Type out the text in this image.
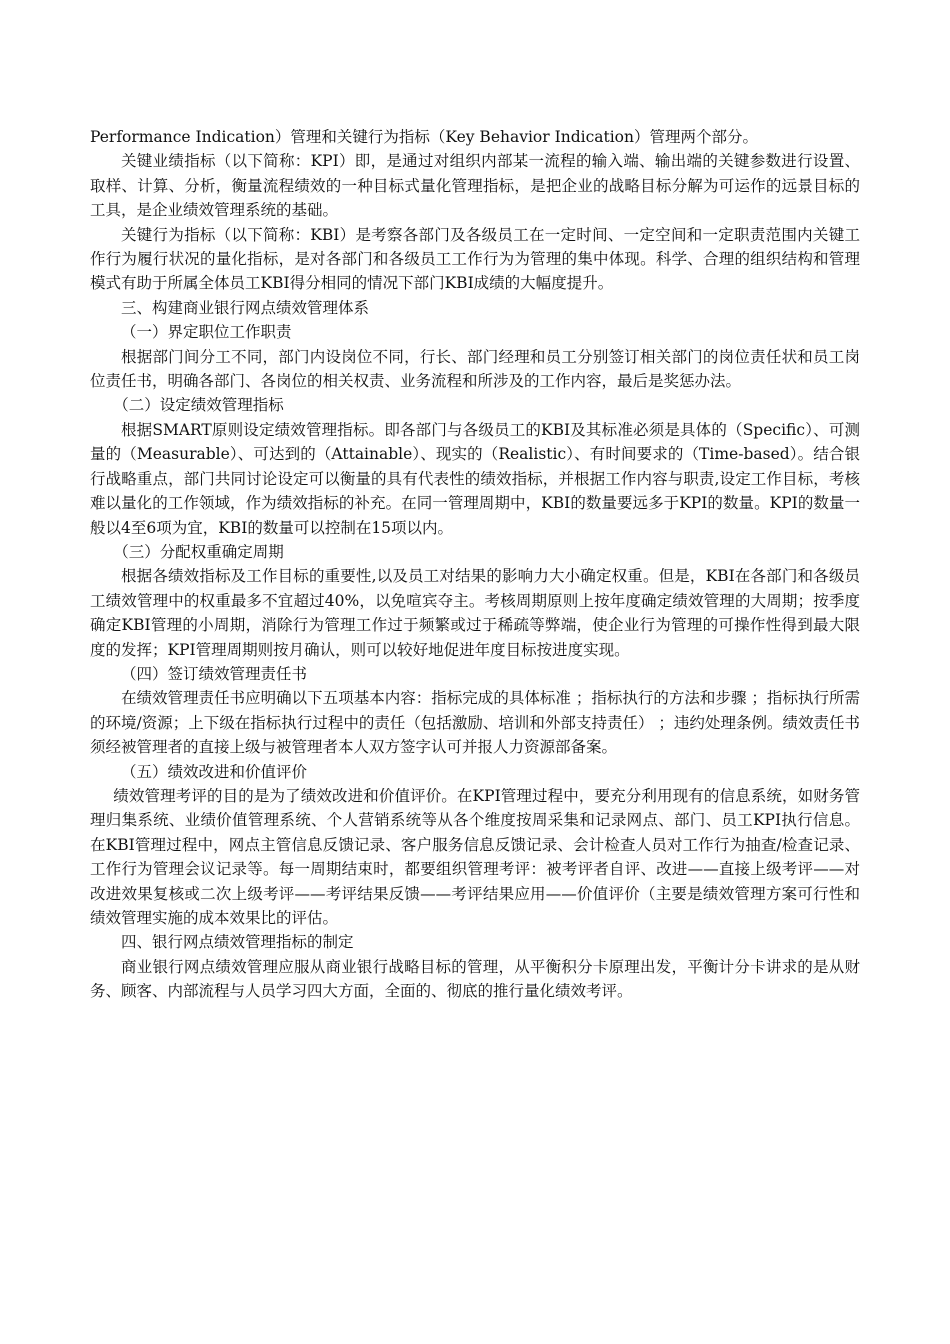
Performance Indication）管理和关键行为指标（Key Behavior Indication）管理两个部分。

关键业绩指标（以下简称：KPI）即，是通过对组织内部某一流程的输入端、输出端的关键参数进行设置、取样、计算、分析，衡量流程绩效的一种目标式量化管理指标，是把企业的战略目标分解为可运作的远景目标的工具，是企业绩效管理系统的基础。

关键行为指标（以下简称：KBI）是考察各部门及各级员工在一定时间、一定空间和一定职责范围内关键工作行为履行状况的量化指标，是对各部门和各级员工工作行为为管理的集中体现。科学、合理的组织结构和管理模式有助于所属全体员工KBI得分相同的情况下部门KBI成绩的大幅度提升。

三、构建商业银行网点绩效管理体系

（一）界定职位工作职责

根据部门间分工不同，部门内设岗位不同，行长、部门经理和员工分别签订相关部门的岗位责任状和员工岗位责任书，明确各部门、各岗位的相关权责、业务流程和所涉及的工作内容，最后是奖惩办法。

（二）设定绩效管理指标

根据SMART原则设定绩效管理指标。即各部门与各级员工的KBI及其标准必须是具体的（Specific）、可测量的（Measurable）、可达到的（Attainable）、现实的（Realistic）、有时间要求的（Time-based）。结合银行战略重点，部门共同讨论设定可以衡量的具有代表性的绩效指标，并根据工作内容与职责,设定工作目标，考核难以量化的工作领域，作为绩效指标的补充。在同一管理周期中，KBI的数量要远多于KPI的数量。KPI的数量一般以4至6项为宜，KBI的数量可以控制在15项以内。

（三）分配权重确定周期

根据各绩效指标及工作目标的重要性,以及员工对结果的影响力大小确定权重。但是，KBI在各部门和各级员工绩效管理中的权重最多不宜超过40%，以免喧宾夺主。考核周期原则上按年度确定绩效管理的大周期；按季度确定KBI管理的小周期，消除行为管理工作过于频繁或过于稀疏等弊端，使企业行为管理的可操作性得到最大限度的发挥；KPI管理周期则按月确认，则可以较好地促进年度目标按进度实现。

（四）签订绩效管理责任书

在绩效管理责任书应明确以下五项基本内容：指标完成的具体标准 ；指标执行的方法和步骤 ；指标执行所需的环境/资源；上下级在指标执行过程中的责任（包括激励、培训和外部支持责任） ；违约处理条例。绩效责任书须经被管理者的直接上级与被管理者本人双方签字认可并报人力资源部备案。

（五）绩效改进和价值评价

绩效管理考评的目的是为了绩效改进和价值评价。在KPI管理过程中，要充分利用现有的信息系统，如财务管理归集系统、业绩价值管理系统、个人营销系统等从各个维度按周采集和记录网点、部门、员工KPI执行信息。在KBI管理过程中，网点主管信息反馈记录、客户服务信息反馈记录、会计检查人员对工作行为抽查/检查记录、工作行为管理会议记录等。每一周期结束时，都要组织管理考评：被考评者自评、改进——直接上级考评——对改进效果复核或二次上级考评——考评结果反馈——考评结果应用——价值评价（主要是绩效管理方案可行性和绩效管理实施的成本效果比的评估。

四、银行网点绩效管理指标的制定

商业银行网点绩效管理应服从商业银行战略目标的管理，从平衡积分卡原理出发，平衡计分卡讲求的是从财务、顾客、内部流程与人员学习四大方面，全面的、彻底的推行量化绩效考评。
